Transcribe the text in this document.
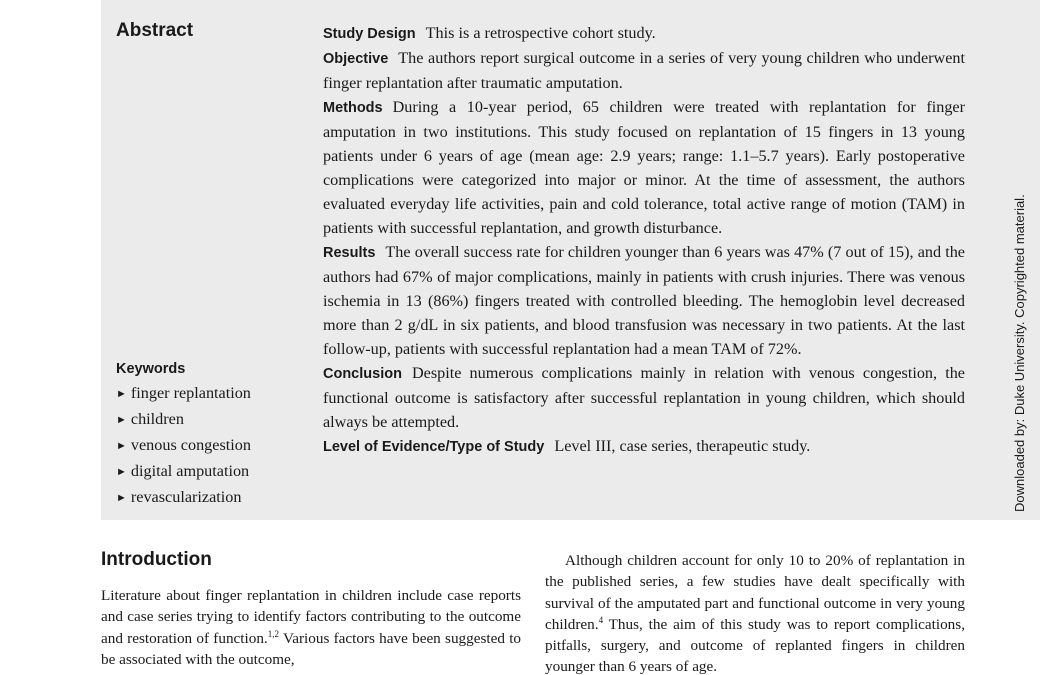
Abstract	Study Design This is a retrospective cohort study.

Objective The authors report surgical outcome in a series of very young children who underwent finger replantation after traumatic amputation.

Methods During a 10-year period, 65 children were treated with replantation for finger amputation in two institutions. This study focused on replantation of 15 fingers in 13 young patients under 6 years of age (mean age: 2.9 years; range: 1.1–5.7 years). Early postoperative complications were categorized into major or minor. At the time of assessment, the authors evaluated everyday life activities, pain and cold tolerance, total active range of motion (TAM) in patients with successful replantation, and growth disturbance.

Results The overall success rate for children younger than 6 years was 47% (7 out of 15), and the authors had 67% of major complications, mainly in patients with crush injuries. There was venous ischemia in 13 (86%) fingers treated with controlled bleeding. The hemoglobin level decreased more than 2 g/dL in six patients, and blood transfusion was necessary in two patients. At the last follow-up, patients with successful replantation had a mean TAM of 72%.

Conclusion Despite numerous complications mainly in relation with venous congestion, the functional outcome is satisfactory after successful replantation in young children, which should always be attempted.

Level of Evidence/Type of Study Level III, case series, therapeutic study.

Keywords
► finger replantation
► children
► venous congestion
► digital amputation
► revascularization	Downloaded by: Duke University. Copyrighted material.
Introduction

Literature about finger replantation in children include case reports and case series trying to identify factors contributing to the outcome and restoration of function.$^{1,2}$ Various factors have been suggested to be associated with the outcome,

Although children account for only 10 to 20% of replantation in the published series, a few studies have dealt specifically with survival of the amputated part and functional outcome in very young children.$^4$ Thus, the aim of this study was to report complications, pitfalls, surgery, and outcome of replanted fingers in children younger than 6 years of age.
